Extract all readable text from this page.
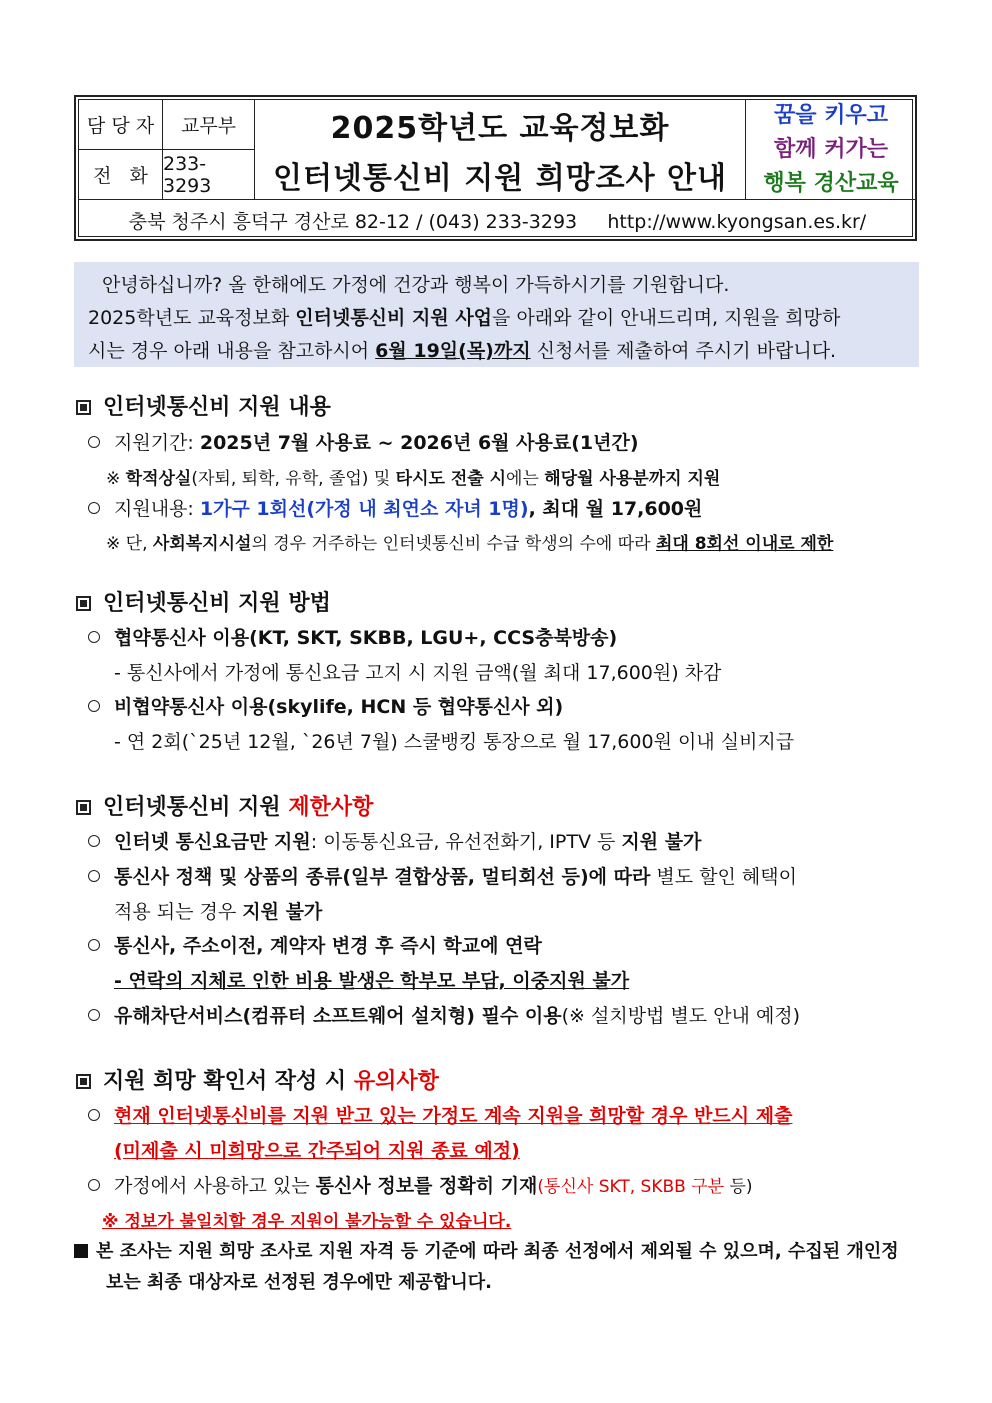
담 당 자	교무부
전   화
233-3293
2025학년도 교육정보화
인터넷통신비 지원 희망조사 안내
꿈을 키우고
함께 커가는
행복 경산교육
충북 청주시 흥덕구 경산로 82-12 / (043) 233-3293     http://www.kyongsan.es.kr/

안녕하십니까? 올 한해에도 가정에 건강과 행복이 가득하시기를 기원합니다.

2025학년도 교육정보화 인터넷통신비 지원 사업을 아래와 같이 안내드리며, 지원을 희망하

시는 경우 아래 내용을 참고하시어 6월 19일(목)까지 신청서를 제출하여 주시기 바랍니다.

인터넷통신비 지원 내용
지원기간: 2025년 7월 사용료 ~ 2026년 6월 사용료(1년간)
※ 학적상실(자퇴, 퇴학, 유학, 졸업) 및 타시도 전출 시에는 해당월 사용분까지 지원
지원내용: 1가구 1회선(가정 내 최연소 자녀 1명), 최대 월 17,600원
※ 단, 사회복지시설의 경우 거주하는 인터넷통신비 수급 학생의 수에 따라 최대 8회선 이내로 제한
인터넷통신비 지원 방법
협약통신사 이용(KT, SKT, SKBB, LGU+, CCS충북방송)
- 통신사에서 가정에 통신요금 고지 시 지원 금액(월 최대 17,600원) 차감
비협약통신사 이용(skylife, HCN 등 협약통신사 외)
- 연 2회(`25년 12월, `26년 7월) 스쿨뱅킹 통장으로 월 17,600원 이내 실비지급
인터넷통신비 지원 제한사항
인터넷 통신요금만 지원: 이동통신요금, 유선전화기, IPTV 등 지원 불가
통신사 정책 및 상품의 종류(일부 결합상품, 멀티회선 등)에 따라 별도 할인 혜택이
적용 되는 경우 지원 불가
통신사, 주소이전, 계약자 변경 후 즉시 학교에 연락
- 연락의 지체로 인한 비용 발생은 학부모 부담, 이중지원 불가
유해차단서비스(컴퓨터 소프트웨어 설치형) 필수 이용(※ 설치방법 별도 안내 예정)
지원 희망 확인서 작성 시 유의사항
현재 인터넷통신비를 지원 받고 있는 가정도 계속 지원을 희망할 경우 반드시 제출
(미제출 시 미희망으로 간주되어 지원 종료 예정)
가정에서 사용하고 있는 통신사 정보를 정확히 기재(통신사 SKT, SKBB 구분 등)
※ 정보가 불일치할 경우 지원이 불가능할 수 있습니다.
본 조사는 지원 희망 조사로 지원 자격 등 기준에 따라 최종 선정에서 제외될 수 있으며, 수집된 개인정
보는 최종 대상자로 선정된 경우에만 제공합니다.
